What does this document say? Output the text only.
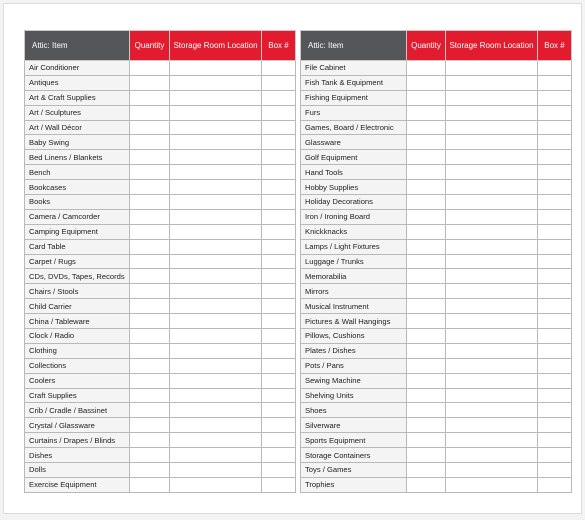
Attic: Item	Quantity	Storage Room Location	Box #
Air Conditioner			
Antiques			
Art & Craft Supplies			
Art / Sculptures			
Art / Wall Décor			
Baby Swing			
Bed Linens / Blankets			
Bench			
Bookcases			
Books			
Camera / Camcorder			
Camping Equipment			
Card Table			
Carpet / Rugs			
CDs, DVDs, Tapes, Records			
Chairs / Stools			
Child Carrier			
China / Tableware			
Clock / Radio			
Clothing			
Collections			
Coolers			
Craft Supplies			
Crib / Cradle / Bassinet			
Crystal / Glassware			
Curtains / Drapes / Blinds			
Dishes			
Dolls			
Exercise Equipment			
Attic: Item	Quantity	Storage Room Location	Box #
File Cabinet			
Fish Tank & Equipment			
Fishing Equipment			
Furs			
Games, Board / Electronic			
Glassware			
Golf Equipment			
Hand Tools			
Hobby Supplies			
Holiday Decorations			
Iron / Ironing Board			
Knickknacks			
Lamps / Light Fixtures			
Luggage / Trunks			
Memorabilia			
Mirrors			
Musical Instrument			
Pictures & Wall Hangings			
Pillows, Cushions			
Plates / Dishes			
Pots / Pans			
Sewing Machine			
Shelving Units			
Shoes			
Silverware			
Sports Equipment			
Storage Containers			
Toys / Games			
Trophies			
